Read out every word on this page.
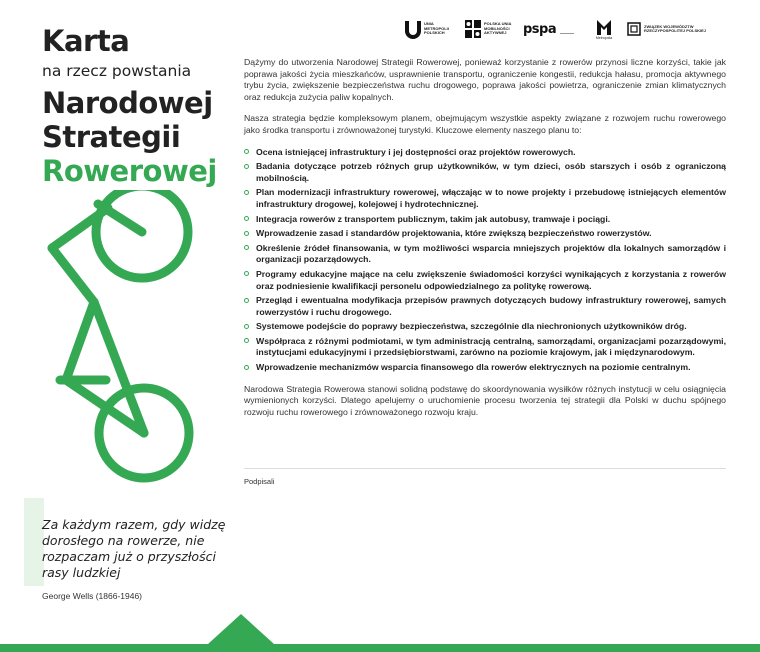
Karta
na rzecz powstania
Narodowej
Strategii
Rowerowej
Za każdym razem, gdy widzę dorosłego na rowerze, nie rozpaczam już o przyszłości rasy ludzkiej
George Wells (1866-1946)
UNIA METROPOLII POLSKICH
POLSKA UNIA MOBILNOŚCI AKTYWNEJ	pspa
Metropolia
ZWIĄZEK WOJEWÓDZTW RZECZYPOSPOLITEJ POLSKIEJ

Dążymy do utworzenia Narodowej Strategii Rowerowej, ponieważ korzystanie z rowerów przynosi liczne korzyści, takie jak poprawa jakości życia mieszkańców, usprawnienie transportu, ograniczenie kongestii, redukcja hałasu, promocja aktywnego trybu życia, zwiększenie bezpieczeństwa ruchu drogowego, poprawa jakości powietrza, ograniczenie zmian klimatycznych oraz redukcja zużycia paliw kopalnych.

Nasza strategia będzie kompleksowym planem, obejmującym wszystkie aspekty związane z rozwojem ruchu rowerowego jako środka transportu i zrównoważonej turystyki. Kluczowe elementy naszego planu to:

Ocena istniejącej infrastruktury i jej dostępności oraz projektów rowerowych.
Badania dotyczące potrzeb różnych grup użytkowników, w tym dzieci, osób starszych i osób z ograniczoną mobilnością.
Plan modernizacji infrastruktury rowerowej, włączając w to nowe projekty i przebudowę istniejących elementów infrastruktury drogowej, kolejowej i hydrotechnicznej.
Integracja rowerów z transportem publicznym, takim jak autobusy, tramwaje i pociągi.
Wprowadzenie zasad i standardów projektowania, które zwiększą bezpieczeństwo rowerzystów.
Określenie źródeł finansowania, w tym możliwości wsparcia mniejszych projektów dla lokalnych samorządów i organizacji pozarządowych.
Programy edukacyjne mające na celu zwiększenie świadomości korzyści wynikających z korzystania z rowerów oraz podniesienie kwalifikacji personelu odpowiedzialnego za politykę rowerową.
Przegląd i ewentualna modyfikacja przepisów prawnych dotyczących budowy infrastruktury rowerowej, samych rowerzystów i ruchu drogowego.
Systemowe podejście do poprawy bezpieczeństwa, szczególnie dla niechronionych użytkowników dróg.
Współpraca z różnymi podmiotami, w tym administracją centralną, samorządami, organizacjami pozarządowymi, instytucjami edukacyjnymi i przedsiębiorstwami, zarówno na poziomie krajowym, jak i międzynarodowym.
Wprowadzenie mechanizmów wsparcia finansowego dla rowerów elektrycznych na poziomie centralnym.

Narodowa Strategia Rowerowa stanowi solidną podstawę do skoordynowania wysiłków różnych instytucji w celu osiągnięcia wymienionych korzyści. Dlatego apelujemy o uruchomienie procesu tworzenia tej strategii dla Polski w duchu spójnego rozwoju ruchu rowerowego i zrównoważonego rozwoju kraju.

Podpisali
